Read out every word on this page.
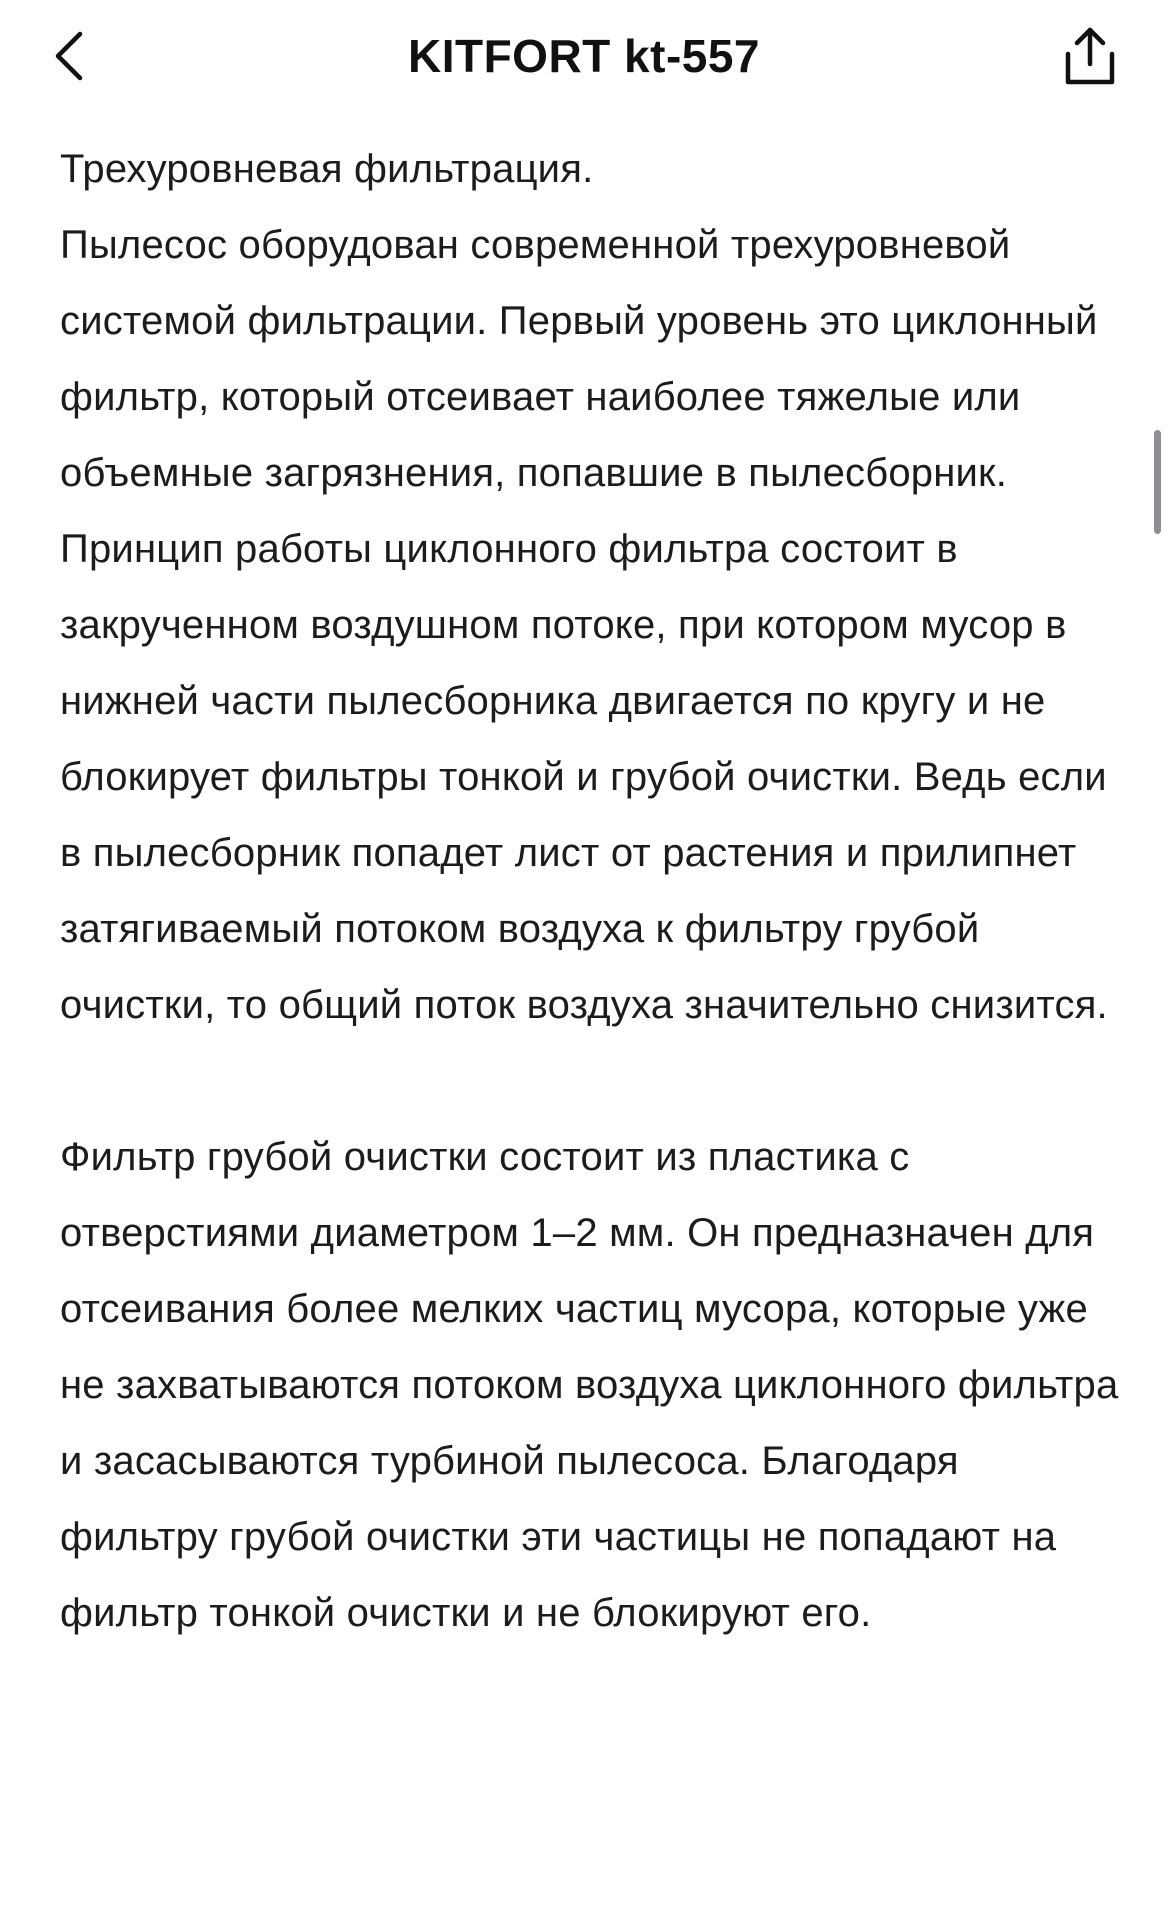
KITFORT kt-557

Трехуровневая фильтрация.

Пылесос оборудован современной трехуровневой системой фильтрации. Первый уровень это циклонный фильтр, который отсеивает наиболее тяжелые или объемные загрязнения, попавшие в пылесборник. Принцип работы циклонного фильтра состоит в закрученном воздушном потоке, при котором мусор в нижней части пылесборника двигается по кругу и не блокирует фильтры тонкой и грубой очистки. Ведь если в пылесборник попадет лист от растения и прилипнет затягиваемый потоком воздуха к фильтру грубой очистки, то общий поток воздуха значительно снизится.

Фильтр грубой очистки состоит из пластика с отверстиями диаметром 1–2 мм. Он предназначен для отсеивания более мелких частиц мусора, которые уже не захватываются потоком воздуха циклонного фильтра и засасываются турбиной пылесоса. Благодаря фильтру грубой очистки эти частицы не попадают на фильтр тонкой очистки и не блокируют его.
